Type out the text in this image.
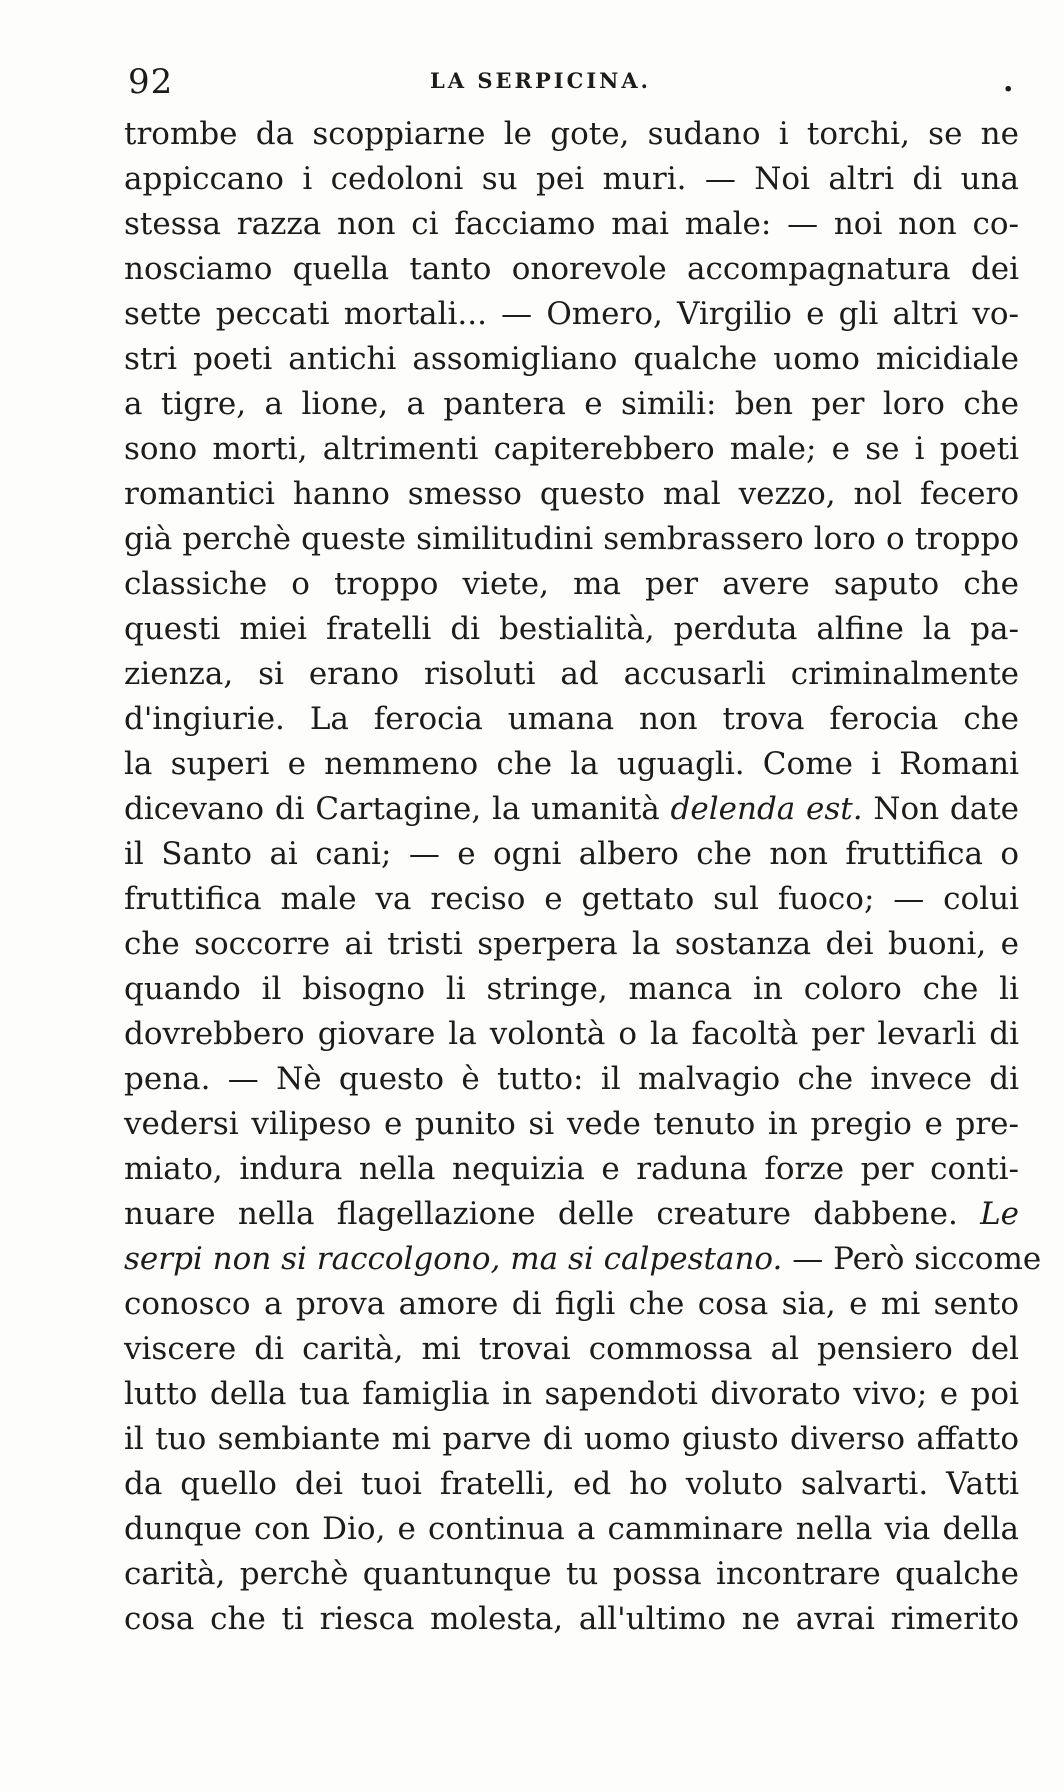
92	LA SERPICINA.	.
trombe da scoppiarne le gote, sudano i torchi, se ne
appiccano i cedoloni su pei muri. — Noi altri di una
stessa razza non ci facciamo mai male: — noi non co-
nosciamo quella tanto onorevole accompagnatura dei
sette peccati mortali... — Omero, Virgilio e gli altri vo-
stri poeti antichi assomigliano qualche uomo micidiale
a tigre, a lione, a pantera e simili: ben per loro che
sono morti, altrimenti capiterebbero male; e se i poeti
romantici hanno smesso questo mal vezzo, nol fecero
già perchè queste similitudini sembrassero loro o troppo
classiche o troppo viete, ma per avere saputo che
questi miei fratelli di bestialità, perduta alfine la pa-
zienza, si erano risoluti ad accusarli criminalmente
d'ingiurie. La ferocia umana non trova ferocia che
la superi e nemmeno che la uguagli. Come i Romani
dicevano di Cartagine, la umanità delenda est. Non date
il Santo ai cani; — e ogni albero che non fruttifica o
fruttifica male va reciso e gettato sul fuoco; — colui
che soccorre ai tristi sperpera la sostanza dei buoni, e
quando il bisogno li stringe, manca in coloro che li
dovrebbero giovare la volontà o la facoltà per levarli di
pena. — Nè questo è tutto: il malvagio che invece di
vedersi vilipeso e punito si vede tenuto in pregio e pre-
miato, indura nella nequizia e raduna forze per conti-
nuare nella flagellazione delle creature dabbene. Le
serpi non si raccolgono, ma si calpestano. — Però siccome
conosco a prova amore di figli che cosa sia, e mi sento
viscere di carità, mi trovai commossa al pensiero del
lutto della tua famiglia in sapendoti divorato vivo; e poi
il tuo sembiante mi parve di uomo giusto diverso affatto
da quello dei tuoi fratelli, ed ho voluto salvarti. Vatti
dunque con Dio, e continua a camminare nella via della
carità, perchè quantunque tu possa incontrare qualche
cosa che ti riesca molesta, all'ultimo ne avrai rimerito
